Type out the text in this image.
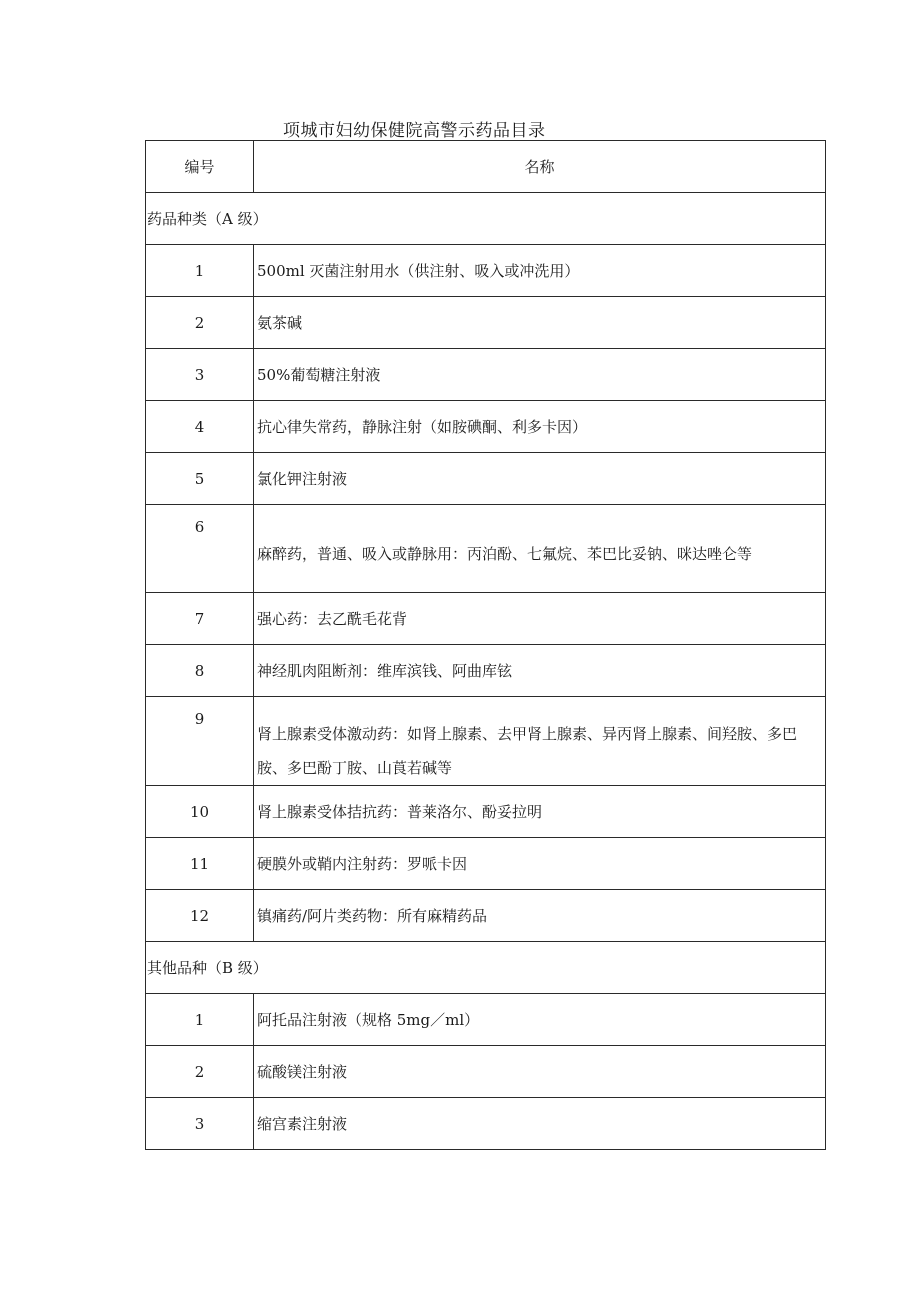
项城市妇幼保健院高警示药品目录
编号	名称
药品种类（A 级）	
1	500ml 灭菌注射用水（供注射、吸入或冲洗用）
2	氨茶碱
3	50%葡萄糖注射液
4	抗心律失常药，静脉注射（如胺碘酮、利多卡因）
5	氯化钾注射液
6	麻醉药，普通、吸入或静脉用：丙泊酚、七氟烷、苯巴比妥钠、咪达唑仑等
7	强心药：去乙酰毛花背
8	神经肌肉阻断剂：维库滨钱、阿曲库铉
9	肾上腺素受体激动药：如肾上腺素、去甲肾上腺素、异丙肾上腺素、间羟胺、多巴胺、多巴酚丁胺、山莨若碱等
10	肾上腺素受体拮抗药：普莱洛尔、酚妥拉明
11	硬膜外或鞘内注射药：罗哌卡因
12	镇痛药/阿片类药物：所有麻精药品
其他品种（B 级）	
1	阿托品注射液（规格 5mg／ml）
2	硫酸镁注射液
3	缩宫素注射液
